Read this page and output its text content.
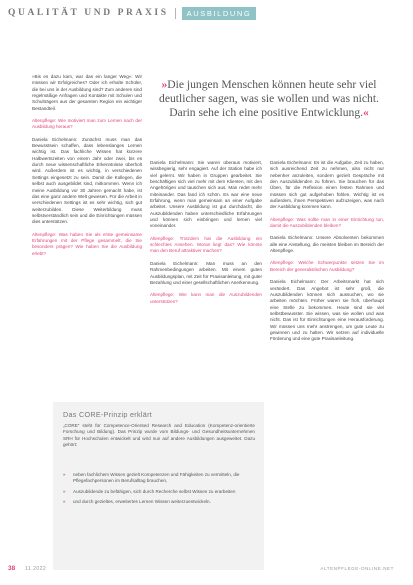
QUALITÄT UND PRAXIS	AUSBILDUNG

»Bis es dazu kam, war das ein langer Weg«: Wir müssen wir Erfolgreiches? Oder ich erhalte Schüler, die bei uns in der Ausbildung sind? Zum anderen sind regelmäßige Anfragen und Kontakte mit Schulen und Schulträgern aus der gesamten Region ein wichtiger Bestandteil.

Altenpflege: Wie motiviert man zum Lernen nach der Ausbildung heraus?

Daniela Eichelmann: Zunächst muss man das Bewusstsein schaffen, dass lebenslanges Lernen wichtig ist. Das fachliche Wissen hat kürzere Halbwertszeiten von einem Jahr oder zwei, bis es durch neue wissenschaftliche Erkenntnisse überholt wird. Außerdem ist es wichtig, in verschiedenen Settings eingesetzt zu sein. Damit die Kollegen, die selbst auch ausgebildet sind, mitkommen. Wenn ich meine Ausbildung vor 30 Jahren gemacht habe, ist das eine ganz andere Welt gewesen. Für die Arbeit in verschiedenen Settings ist es sehr wichtig, sich gut weiterzubilden. Diese Weiterbildung muss selbstverständlich sein und die Einrichtungen müssen dies unterstützen.

Altenpflege: Was haben Sie als erste gemeinsame Erfahrungen mit der Pflege gesammelt, die Sie besonders prägen? Wie haben Sie die Ausbildung erlebt?

»Die jungen Menschen können heute sehr viel deutlicher sagen, was sie wollen und was nicht. Darin sehe ich eine positive Entwicklung.«

Daniela Eichelmann: Sie waren überaus motiviert, wissbegierig, sehr engagiert. Auf der Station habe ich viel gelernt. Wir haben in Gruppen gearbeitet. Sie beschäftigen sich viel mehr mit dem Klienten, mit den Angehörigen und tauschen sich aus. Man redet mehr miteinander. Das fand ich schön. Es war eine neue Erfahrung, wenn man gemeinsam an einer Aufgabe arbeitet. Unsere Ausbildung ist gut durchdacht, die Auszubildenden haben unterschiedliche Erfahrungen und können sich einbringen und lernen viel voneinander.

Altenpflege: Trotzdem hat die Ausbildung ein schlechtes Ansehen. Woran liegt das? Wie könnte man den Beruf attraktiver machen?

Daniela Eichelmann: Man muss an den Rahmenbedingungen arbeiten. Mit einem guten Ausbildungsplan, mit Zeit für Praxisanleitung, mit guter Bezahlung und einer gesellschaftlichen Anerkennung.

Altenpflege: Wie kann man die Auszubildenden unterstützen?

Daniela Eichelmann: Es ist die Aufgabe, Zeit zu haben, sich ausreichend Zeit zu nehmen, also nicht nur nebenher anzuleiten, sondern gezielt Gespräche mit den Auszubildenden zu führen. Sie brauchen für das Üben, für die Reflexion einen festen Rahmen und müssen sich gut aufgehoben fühlen. Wichtig ist es außerdem, ihnen Perspektiven aufzuzeigen, was nach der Ausbildung kommen kann.

Altenpflege: Was sollte man in einer Einrichtung tun, damit die Auszubildenden bleiben?

Daniela Eichelmann: Unsere Absolventen bekommen alle eine Anstellung, die meisten bleiben im Bereich der Altenpflege.

Altenpflege: Welche Schwerpunkte setzen Sie im Bereich der generalistischen Ausbildung?

Daniela Eichelmann: Der Arbeitsmarkt hat sich verändert. Das Angebot ist sehr groß, die Auszubildenden können sich aussuchen, wo sie arbeiten möchten. Früher waren sie froh, überhaupt eine Stelle zu bekommen. Heute sind sie viel selbstbewusster. Sie wissen, was sie wollen und was nicht. Das ist für Einrichtungen eine Herausforderung. Wir müssen uns mehr anstrengen, um gute Leute zu gewinnen und zu halten. Wir setzen auf individuelle Förderung und eine gute Praxisanleitung.

Das CORE-Prinzip erklärt
„CORE" steht für Competence-Oriented Research and Education (Kompetenz-orientierte Forschung und Bildung). Das Prinzip wurde vom Bildungs- und Gesundheitsunternehmen SRH für Hochschulen entwickelt und wird nun auf andere Ausbildungen ausgeweitet. Dazu gehört:
»	neben fachlichem Wissen gezielt Kompetenzen und Fähigkeiten zu vermitteln, die Pflegefachpersonen im Berufsalltag brauchen,
»	Auszubildende zu befähigen, sich durch Recherche selbst Wissen zu erarbeiten
»	und durch gezieltes, erweitertes Lernen Wissen weiterzuentwickeln.
38 11.2022	ALTENPFLEGE-ONLINE.NET
